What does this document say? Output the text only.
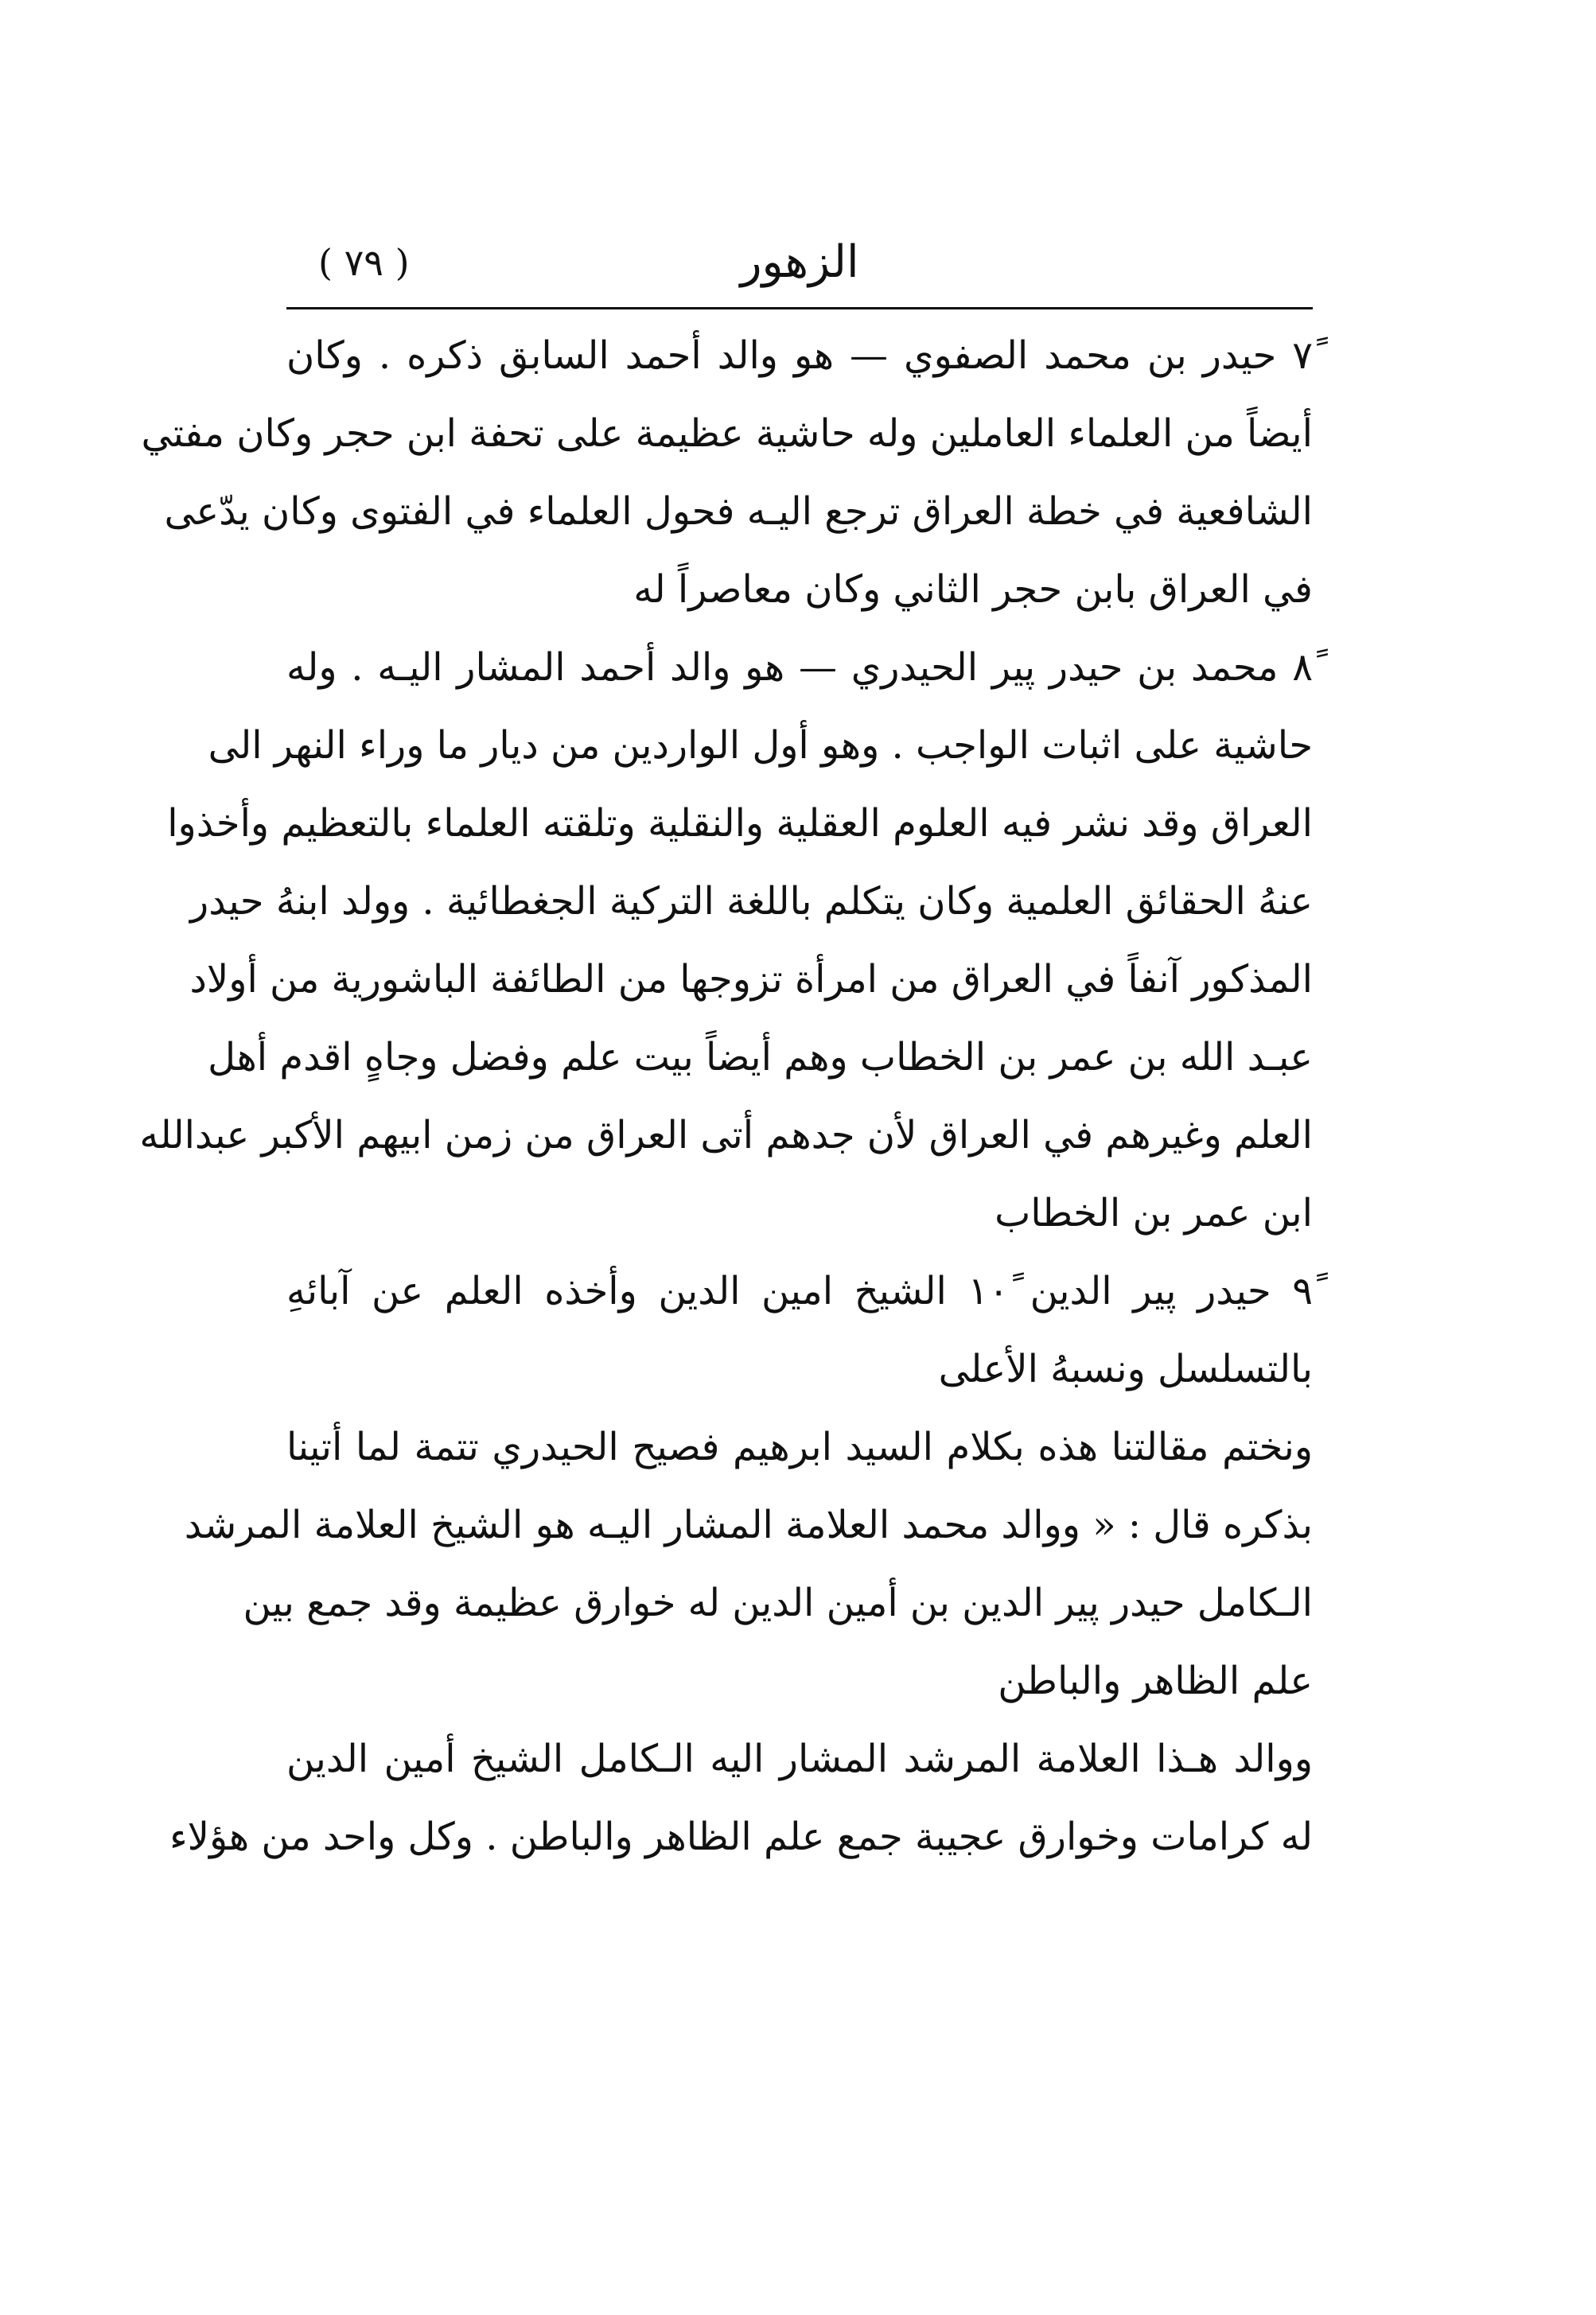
الزهور
( ٧٩ )

٧ً حيدر بن محمد الصفوي — هو والد أحمد السابق ذكره . وكان
أيضاً من العلماء العاملين وله حاشية عظيمة على تحفة ابن حجر وكان مفتي
الشافعية في خطة العراق ترجع اليـه فحول العلماء في الفتوى وكان يدّعى
في العراق بابن حجر الثاني وكان معاصراً له

٨ً محمد بن حيدر پير الحيدري — هو والد أحمد المشار اليـه . وله
حاشية على اثبات الواجب . وهو أول الواردين من ديار ما وراء النهر الى
العراق وقد نشر فيه العلوم العقلية والنقلية وتلقته العلماء بالتعظيم وأخذوا
عنهُ الحقائق العلمية وكان يتكلم باللغة التركية الجغطائية . وولد ابنهُ حيدر
المذكور آنفاً في العراق من امرأة تزوجها من الطائفة الباشورية من أولاد
عبـد الله بن عمر بن الخطاب وهم أيضاً بيت علم وفضل وجاهٍ اقدم أهل
العلم وغيرهم في العراق لأن جدهم أتى العراق من زمن ابيهم الأكبر عبدالله
ابن عمر بن الخطاب

٩ً حيدر پير الدين ١٠ً الشيخ امين الدين وأخذه العلم عن آبائهِ
بالتسلسل ونسبهُ الأعلى

ونختم مقالتنا هذه بكلام السيد ابرهيم فصيح الحيدري تتمة لما أتينا
بذكره قال : « ووالد محمد العلامة المشار اليـه هو الشيخ العلامة المرشد
الـكامل حيدر پير الدين بن أمين الدين له خوارق عظيمة وقد جمع بين
علم الظاهر والباطن

ووالد هـذا العلامة المرشد المشار اليه الـكامل الشيخ أمين الدين
له كرامات وخوارق عجيبة جمع علم الظاهر والباطن . وكل واحد من هؤلاء
